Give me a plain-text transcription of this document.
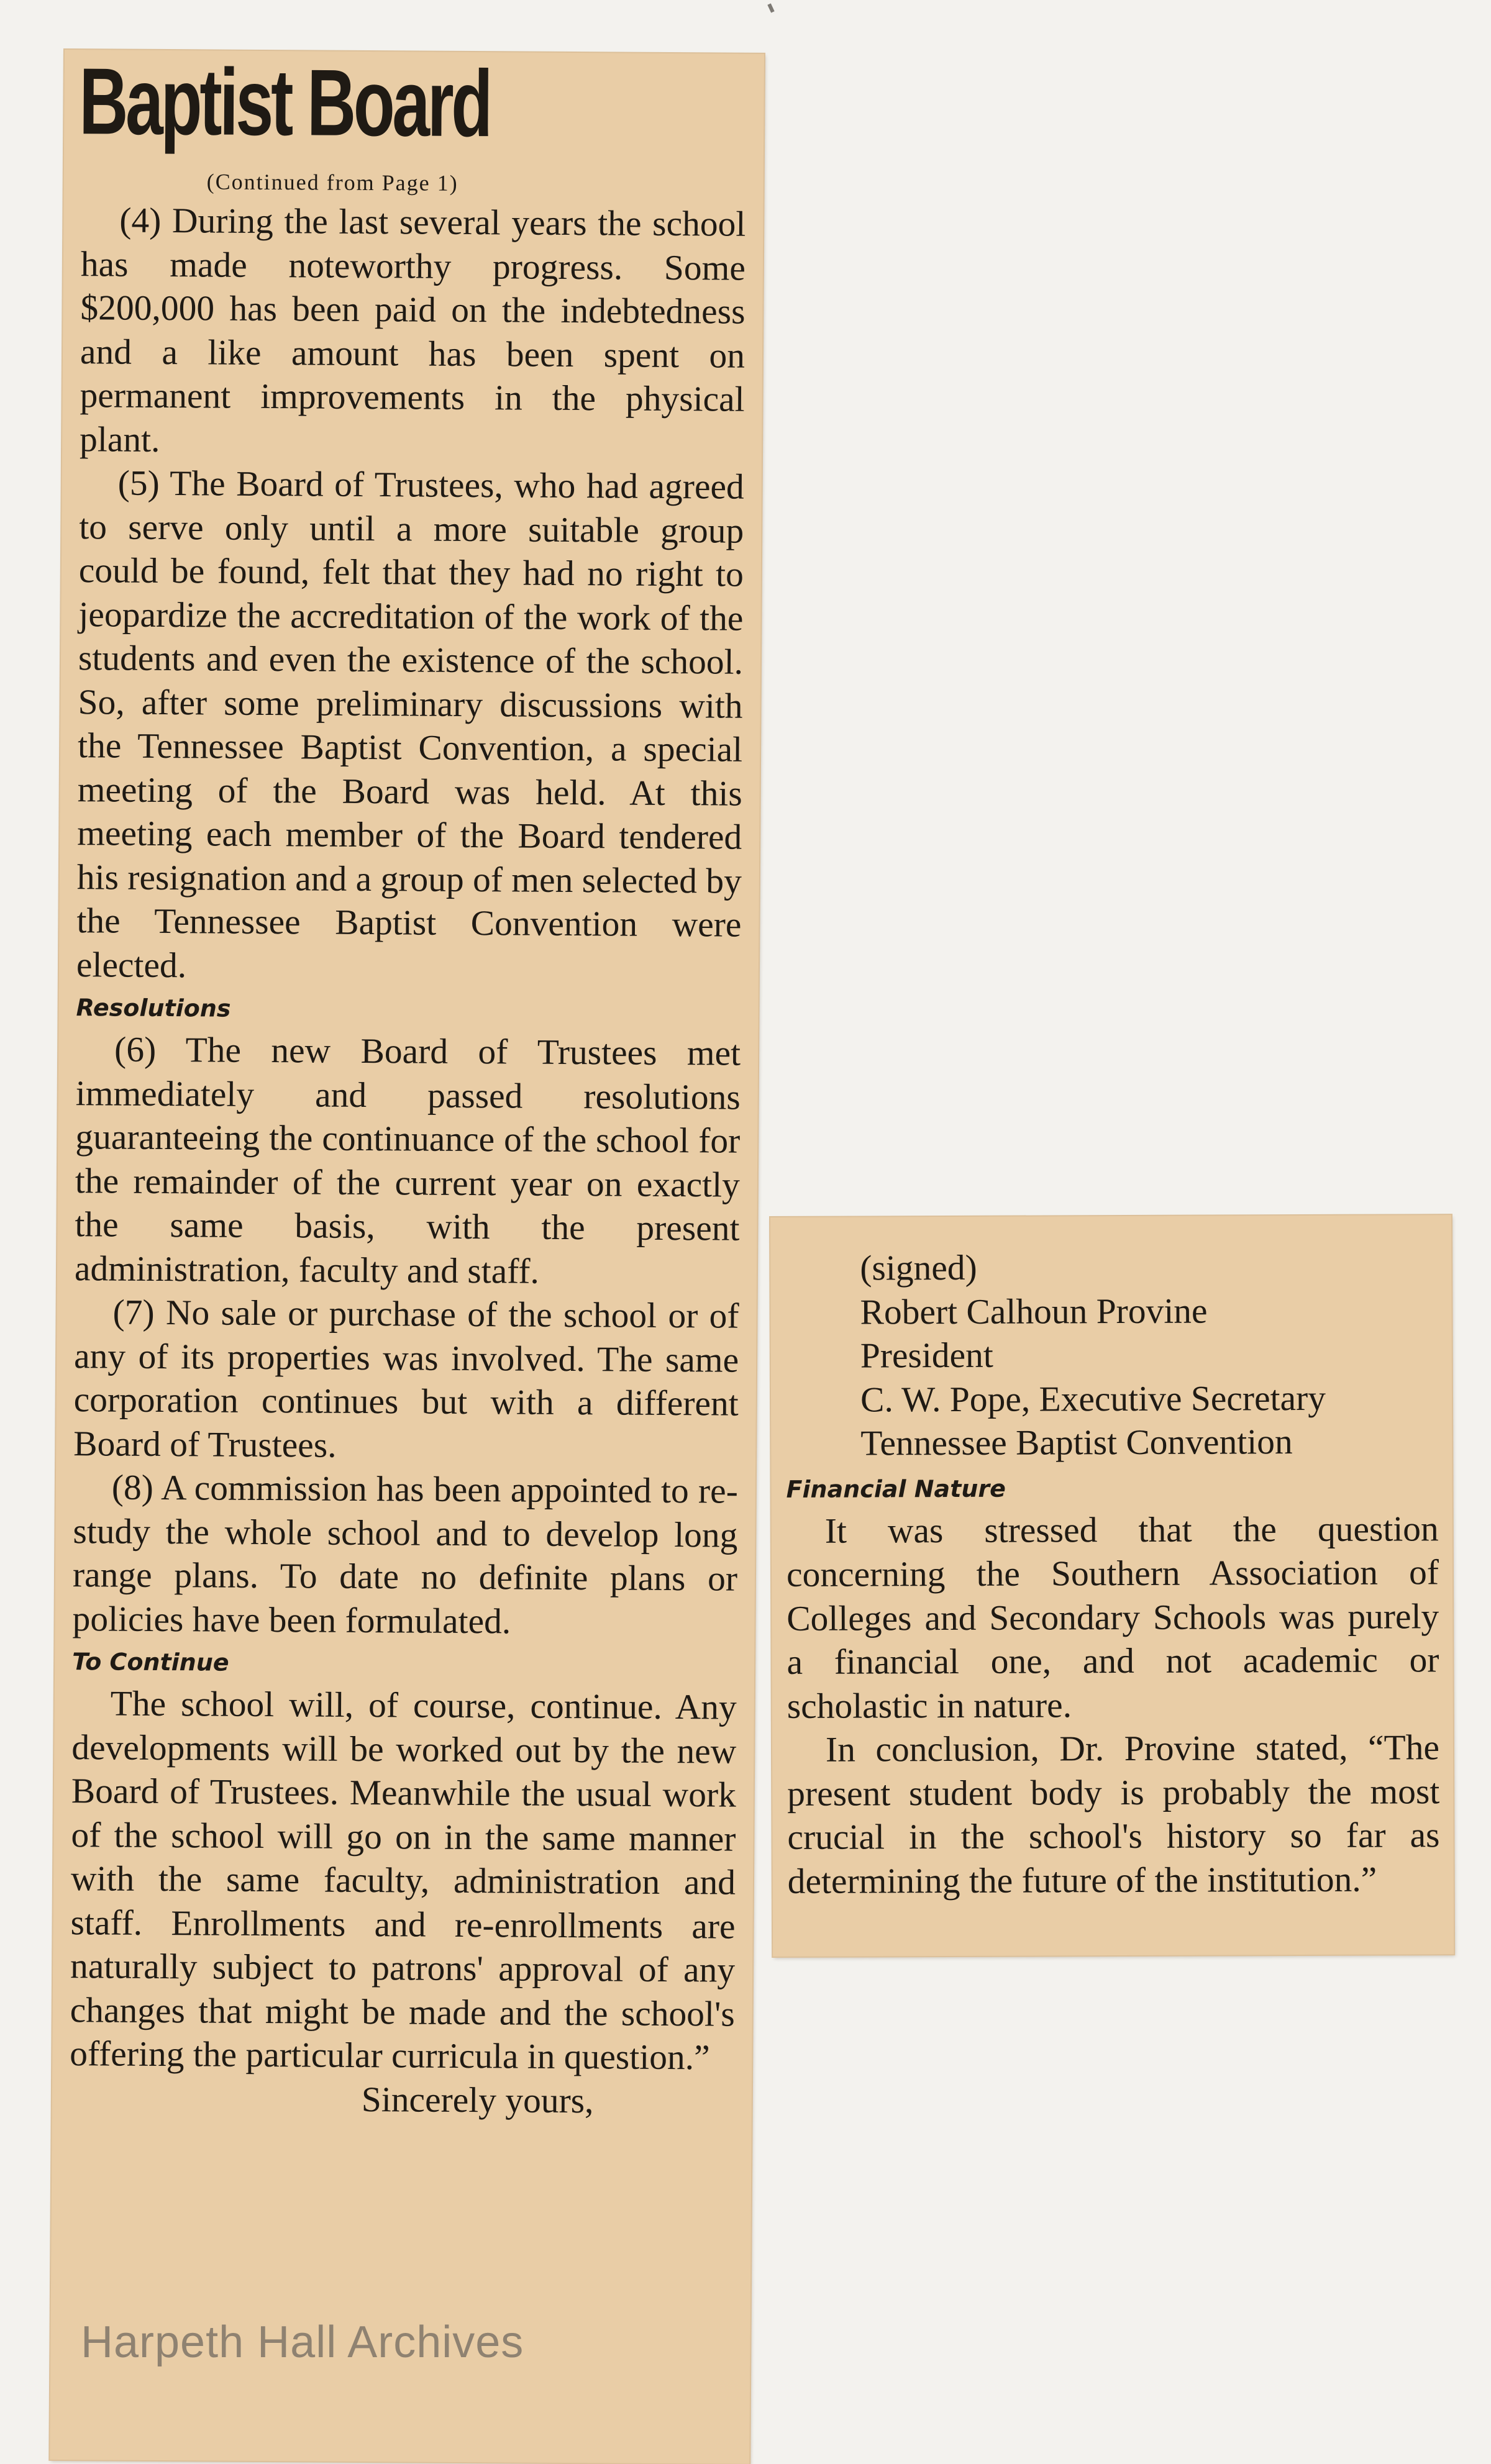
Baptist Board
(Continued from Page 1)

(4) During the last several years the school has made noteworthy progress. Some $200,000 has been paid on the indebtedness and a like amount has been spent on permanent improvements in the physical plant.

(5) The Board of Trustees, who had agreed to serve only until a more suitable group could be found, felt that they had no right to jeopardize the accreditation of the work of the students and even the existence of the school. So, after some preliminary discussions with the Tennessee Baptist Convention, a special meeting of the Board was held. At this meeting each member of the Board tendered his resignation and a group of men selected by the Tennessee Baptist Convention were elected.

Resolutions

(6) The new Board of Trustees met immediately and passed resolutions guaranteeing the continuance of the school for the remainder of the current year on exactly the same basis, with the present administration, faculty and staff.

(7) No sale or purchase of the school or of any of its properties was involved. The same corporation continues but with a different Board of Trustees.

(8) A commission has been appointed to re-study the whole school and to develop long range plans. To date no definite plans or policies have been formulated.

To Continue

The school will, of course, continue. Any developments will be worked out by the new Board of Trustees. Meanwhile the usual work of the school will go on in the same manner with the same faculty, administration and staff. Enrollments and re-enrollments are naturally subject to patrons' approval of any changes that might be made and the school's offering the particular curricula in question.”

Sincerely yours,

(signed)
Robert Calhoun Provine
President
C. W. Pope, Executive Secretary
Tennessee Baptist Convention

Financial Nature

It was stressed that the question concerning the Southern Association of Colleges and Secondary Schools was purely a financial one, and not academic or scholastic in nature.

In conclusion, Dr. Provine stated, “The present student body is probably the most crucial in the school's history so far as determining the future of the institution.”

Harpeth Hall Archives
